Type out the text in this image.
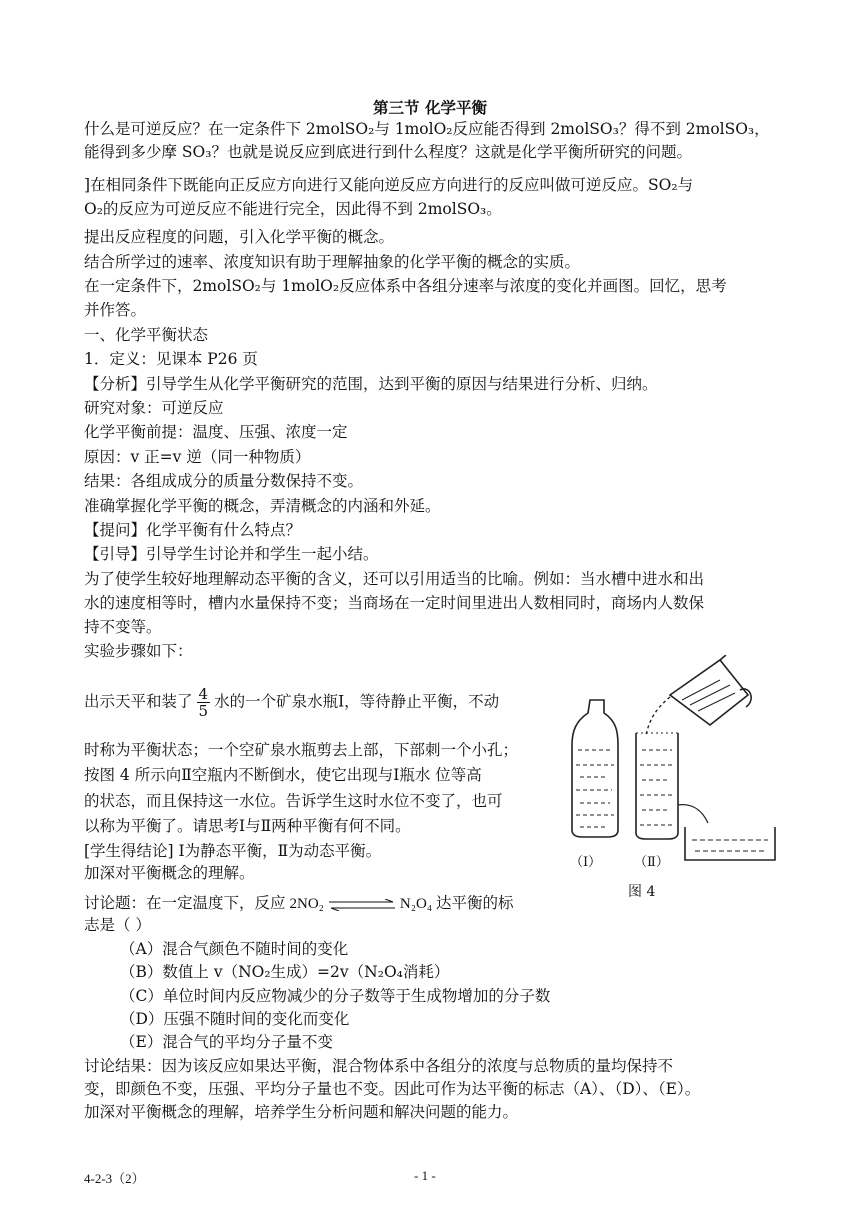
第三节 化学平衡
什么是可逆反应？在一定条件下 2molSO₂与 1molO₂反应能否得到 2molSO₃？得不到 2molSO₃，
能得到多少摩 SO₃？也就是说反应到底进行到什么程度？这就是化学平衡所研究的问题。
]在相同条件下既能向正反应方向进行又能向逆反应方向进行的反应叫做可逆反应。SO₂与
O₂的反应为可逆反应不能进行完全，因此得不到 2molSO₃。
提出反应程度的问题，引入化学平衡的概念。
结合所学过的速率、浓度知识有助于理解抽象的化学平衡的概念的实质。
在一定条件下，2molSO₂与 1molO₂反应体系中各组分速率与浓度的变化并画图。回忆，思考
并作答。
一、化学平衡状态
1．定义：见课本 P26 页
【分析】引导学生从化学平衡研究的范围，达到平衡的原因与结果进行分析、归纳。
研究对象：可逆反应
化学平衡前提：温度、压强、浓度一定
原因：v 正=v 逆（同一种物质）
结果：各组成成分的质量分数保持不变。
准确掌握化学平衡的概念，弄清概念的内涵和外延。
【提问】化学平衡有什么特点？
【引导】引导学生讨论并和学生一起小结。
为了使学生较好地理解动态平衡的含义，还可以引用适当的比喻。例如：当水槽中进水和出
水的速度相等时，槽内水量保持不变；当商场在一定时间里进出人数相同时，商场内人数保
持不变等。
实验步骤如下：
出示天平和装了 $\frac{4}{5}$ 水的一个矿泉水瓶Ⅰ，等待静止平衡，不动
时称为平衡状态；一个空矿泉水瓶剪去上部，下部刺一个小孔；
按图 4 所示向Ⅱ空瓶内不断倒水，使它出现与Ⅰ瓶水 位等高
的状态，而且保持这一水位。告诉学生这时水位不变了，也可
以称为平衡了。请思考Ⅰ与Ⅱ两种平衡有何不同。
[学生得结论] Ⅰ为静态平衡，Ⅱ为动态平衡。
加深对平衡概念的理解。
讨论题：在一定温度下，反应 2NO₂	N₂O₄ 达平衡的标
志是（ ）
（A）混合气颜色不随时间的变化
（B）数值上 v（NO₂生成）=2v（N₂O₄消耗）
（C）单位时间内反应物减少的分子数等于生成物增加的分子数
（D）压强不随时间的变化而变化
（E）混合气的平均分子量不变
讨论结果：因为该反应如果达平衡，混合物体系中各组分的浓度与总物质的量均保持不
变，即颜色不变，压强、平均分子量也不变。因此可作为达平衡的标志（A）、（D）、（E）。
加深对平衡概念的理解，培养学生分析问题和解决问题的能力。
（Ⅰ）	（Ⅱ）
图 4
4-2-3（2）	- 1 -
